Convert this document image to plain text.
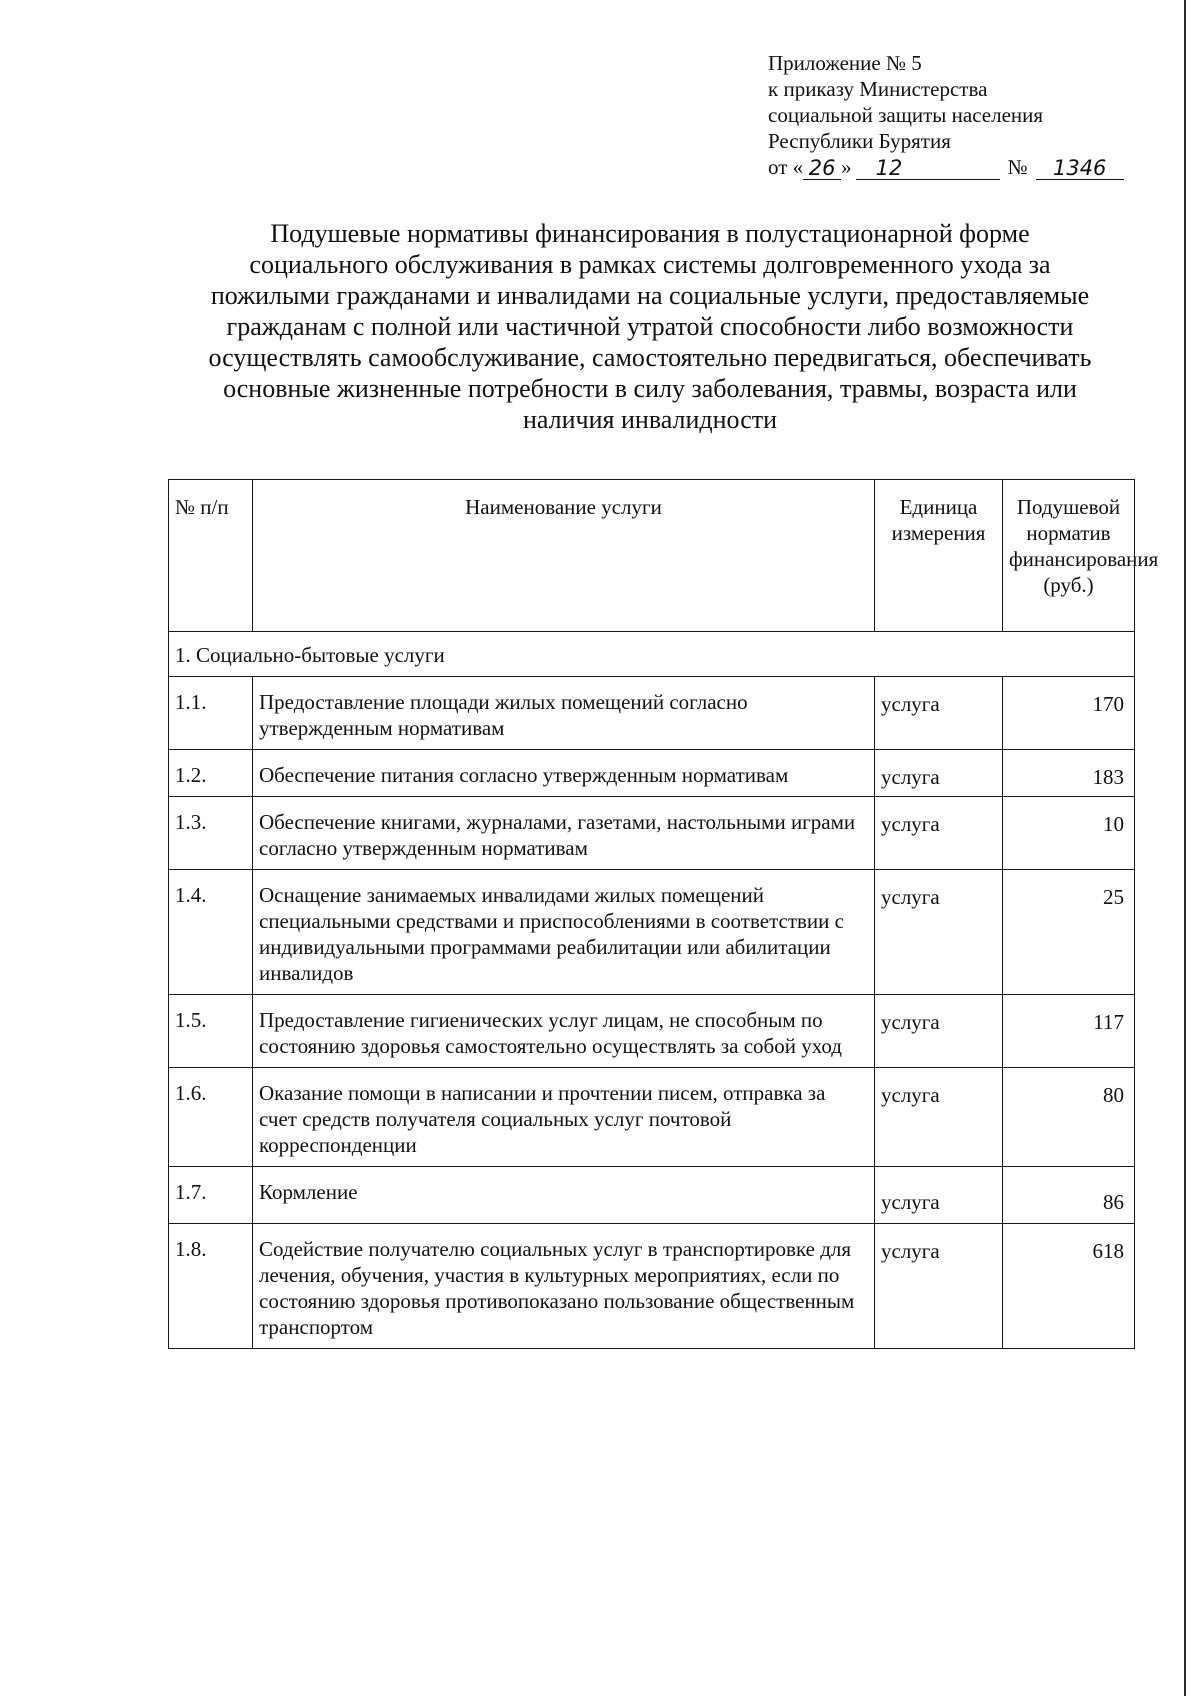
Приложение № 5
к приказу Министерства
социальной защиты населения
Республики Бурятия
от « 26 »	12	№	1346
Подушевые нормативы финансирования в полустационарной форме
социального обслуживания в рамках системы долговременного ухода за
пожилыми гражданами и инвалидами на социальные услуги, предоставляемые
гражданам с полной или частичной утратой способности либо возможности
осуществлять самообслуживание, самостоятельно передвигаться, обеспечивать
основные жизненные потребности в силу заболевания, травмы, возраста или
наличия инвалидности
№ п/п	Наименование услуги	Единица измерения	Подушевой норматив финансирования (руб.)
1. Социально-бытовые услуги			
1.1.	Предоставление площади жилых помещений согласно утвержденным нормативам	услуга	170
1.2.	Обеспечение питания согласно утвержденным нормативам	услуга	183
1.3.	Обеспечение книгами, журналами, газетами, настольными играми согласно утвержденным нормативам	услуга	10
1.4.	Оснащение занимаемых инвалидами жилых помещений специальными средствами и приспособлениями в соответствии с индивидуальными программами реабилитации или абилитации инвалидов	услуга	25
1.5.	Предоставление гигиенических услуг лицам, не способным по состоянию здоровья самостоятельно осуществлять за собой уход	услуга	117
1.6.	Оказание помощи в написании и прочтении писем, отправка за счет средств получателя социальных услуг почтовой корреспонденции	услуга	80
1.7.	Кормление	услуга	86
1.8.	Содействие получателю социальных услуг в транспортировке для лечения, обучения, участия в культурных мероприятиях, если по состоянию здоровья противопоказано пользование общественным транспортом	услуга	618
